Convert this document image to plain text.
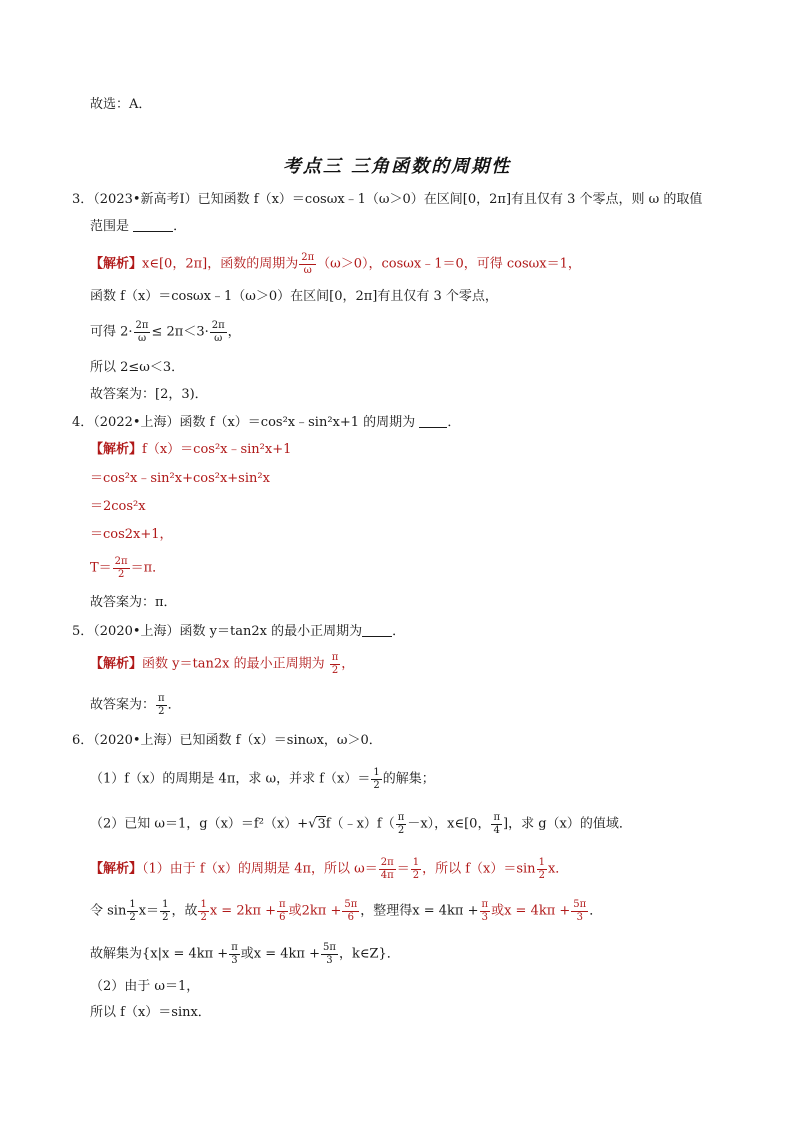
故选：A．
考点三 三角函数的周期性
3．（2023•新高考Ⅰ）已知函数 f（x）＝cosωx﹣1（ω＞0）在区间[0，2π]有且仅有 3 个零点，则 ω 的取值
范围是	．
【解析】x∈[0，2π]，函数的周期为 $\frac{2\pi}{\omega} (\omega>0)$，cosωx﹣1＝0，可得 cosωx＝1，
函数 f（x）＝cosωx﹣1（ω＞0）在区间[0，2π]有且仅有 3 个零点，
可得 $2\cdot \frac{2\pi}{\omega} \le 2\pi<3\cdot \frac{2\pi}{\omega}$ ，
所以 2≤ω＜3．
故答案为：[2，3)．
4．（2022•上海）函数 f（x）＝cos²x﹣sin²x+1 的周期为 ．
【解析】f（x）＝cos²x﹣sin²x+1
＝cos²x﹣sin²x+cos²x+sin²x
＝2cos²x
＝cos2x+1，
$T= \frac{2\pi}{2} =\pi$．
故答案为：π．
5．（2020•上海）函数 y＝tan2x 的最小正周期为 ．
【解析】函数 y＝tan2x 的最小正周期为 $\frac{\pi}{2}$ ，
故答案为： $\frac{\pi}{2}$ ．
6．（2020•上海）已知函数 f（x）＝sinωx，ω＞0．
（1）f（x）的周期是 4π，求 ω，并求 $f(x)= \frac{1}{2}$ 的解集；
（2）已知 ω＝1，g（x）＝f²（x）+√3f（﹣x）f（ $\frac{\pi}{2} -x$），x∈[0， $\frac{\pi}{4}$ ]，求 g（x）的值域．
【解析】（1）由于 f（x）的周期是 4π，所以 $\omega= \frac{2\pi}{4\pi} = \frac{1}{2}$ ，所以 $f(x)=\sin \frac{1}{2}$ x．
令 $\sin \frac{1}{2} x= \frac{1}{2}$ ，故 $\frac{1}{2}$ $x = 2k\pi + \frac{\pi}{6}$ 或$2k\pi + \frac{5\pi}{6}$ ，整理得$x = 4k\pi + \frac{\pi}{3}$ 或$x = 4k\pi + \frac{5\pi}{3}$ ．
故解集为{$x|x = 4k\pi + \frac{\pi}{3}$ 或$x = 4k\pi + \frac{5\pi}{3}$ ，k∈Z}．
（2）由于 ω＝1，
所以 f（x）＝sinx．
